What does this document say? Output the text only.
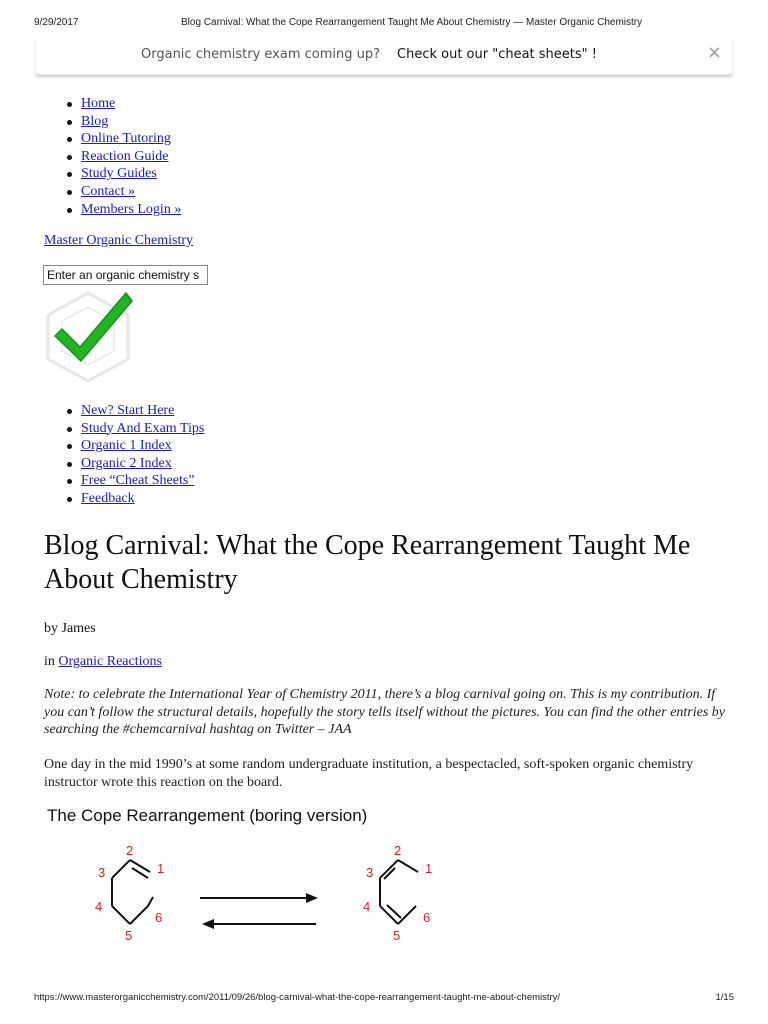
9/29/2017	Blog Carnival: What the Cope Rearrangement Taught Me About Chemistry — Master Organic Chemistry
Organic chemistry exam coming up? Check out our "cheat sheets" !	×
Home
Blog
Online Tutoring
Reaction Guide
Study Guides
Contact »
Members Login »
Master Organic Chemistry
Enter an organic chemistry s
New? Start Here
Study And Exam Tips
Organic 1 Index
Organic 2 Index
Free “Cheat Sheets”
Feedback
Blog Carnival: What the Cope Rearrangement Taught Me About Chemistry
by James
in Organic Reactions
Note: to celebrate the International Year of Chemistry 2011, there’s a blog carnival going on. This is my contribution. If you can’t follow the structural details, hopefully the story tells itself without the pictures. You can find the other entries by searching the #chemcarnival hashtag on Twitter – JAA
One day in the mid 1990’s at some random undergraduate institution, a bespectacled, soft-spoken organic chemistry instructor wrote this reaction on the board.
The Cope Rearrangement (boring version)
1
2
3
4
5
6
1
2
3
4
5
6
https://www.masterorganicchemistry.com/2011/09/26/blog-carnival-what-the-cope-rearrangement-taught-me-about-chemistry/	1/15
